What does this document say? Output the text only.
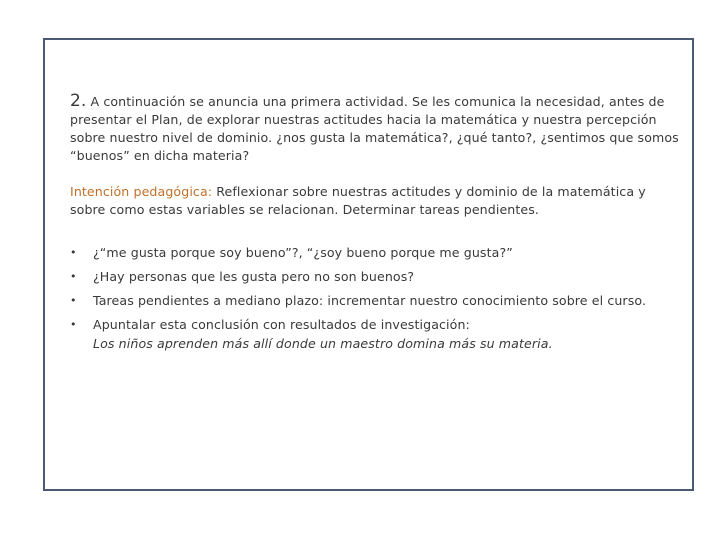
2. A continuación se anuncia una primera actividad. Se les comunica la necesidad, antes de
presentar el Plan, de explorar nuestras actitudes hacia la matemática y nuestra percepción sobre nuestro nivel de dominio. ¿nos gusta la matemática?, ¿qué tanto?, ¿sentimos que somos “buenos” en dicha materia?

Intención pedagógica: Reflexionar sobre nuestras actitudes y dominio de la matemática y sobre como estas variables se relacionan. Determinar tareas pendientes.

• ¿“me gusta porque soy bueno”?, “¿soy bueno porque me gusta?”
• ¿Hay personas que les gusta pero no son buenos?
• Tareas pendientes a mediano plazo: incrementar nuestro conocimiento sobre el curso.
• Apuntalar esta conclusión con resultados de investigación:
Los niños aprenden más allí donde un maestro domina más su materia.
